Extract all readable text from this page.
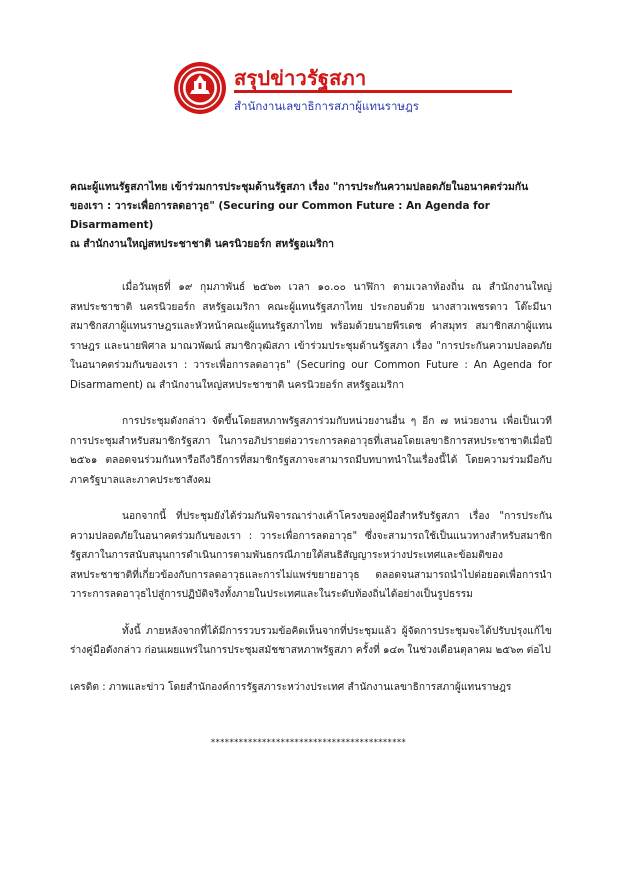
สรุปข่าวรัฐสภา
สำนักงานเลขาธิการสภาผู้แทนราษฎร
คณะผู้แทนรัฐสภาไทย เข้าร่วมการประชุมด้านรัฐสภา เรื่อง "การประกันความปลอดภัยในอนาคตร่วมกัน
ของเรา : วาระเพื่อการลดอาวุธ" (Securing our Common Future : An Agenda for Disarmament)
ณ สำนักงานใหญ่สหประชาชาติ นครนิวยอร์ก สหรัฐอเมริกา

เมื่อวันพุธที่ ๑๙ กุมภาพันธ์ ๒๕๖๓ เวลา ๑๐.๐๐ นาฬิกา ตามเวลาท้องถิ่น ณ สำนักงานใหญ่สหประชาชาติ นครนิวยอร์ก สหรัฐอเมริกา คณะผู้แทนรัฐสภาไทย ประกอบด้วย นางสาวเพชรดาว โต๊ะมีนา สมาชิกสภาผู้แทนราษฎรและหัวหน้าคณะผู้แทนรัฐสภาไทย พร้อมด้วยนายพีรเดช คำสมุทร สมาชิกสภาผู้แทนราษฎร และนายพิศาล มาณวพัฒน์ สมาชิกวุฒิสภา เข้าร่วมประชุมด้านรัฐสภา เรื่อง "การประกันความปลอดภัยในอนาคตร่วมกันของเรา : วาระเพื่อการลดอาวุธ" (Securing our Common Future : An Agenda for Disarmament) ณ สำนักงานใหญ่สหประชาชาติ นครนิวยอร์ก สหรัฐอเมริกา

การประชุมดังกล่าว จัดขึ้นโดยสหภาพรัฐสภาร่วมกับหน่วยงานอื่น ๆ อีก ๗ หน่วยงาน เพื่อเป็นเวทีการประชุมสำหรับสมาชิกรัฐสภา ในการอภิปรายต่อวาระการลดอาวุธที่เสนอโดยเลขาธิการสหประชาชาติเมื่อปี ๒๕๖๑ ตลอดจนร่วมกันหารือถึงวิธีการที่สมาชิกรัฐสภาจะสามารถมีบทบาทนำในเรื่องนี้ได้ โดยความร่วมมือกับภาครัฐบาลและภาคประชาสังคม

นอกจากนี้ ที่ประชุมยังได้ร่วมกันพิจารณาร่างเค้าโครงของคู่มือสำหรับรัฐสภา เรื่อง "การประกันความปลอดภัยในอนาคตร่วมกันของเรา : วาระเพื่อการลดอาวุธ" ซึ่งจะสามารถใช้เป็นแนวทางสำหรับสมาชิกรัฐสภาในการสนับสนุนการดำเนินการตามพันธกรณีภายใต้สนธิสัญญาระหว่างประเทศและข้อมติของสหประชาชาติที่เกี่ยวข้องกับการลดอาวุธและการไม่แพร่ขยายอาวุธ ตลอดจนสามารถนำไปต่อยอดเพื่อการนำวาระการลดอาวุธไปสู่การปฏิบัติจริงทั้งภายในประเทศและในระดับท้องถิ่นได้อย่างเป็นรูปธรรม

ทั้งนี้ ภายหลังจากที่ได้มีการรวบรวมข้อคิดเห็นจากที่ประชุมแล้ว ผู้จัดการประชุมจะได้ปรับปรุงแก้ไขร่างคู่มือดังกล่าว ก่อนเผยแพร่ในการประชุมสมัชชาสหภาพรัฐสภา ครั้งที่ ๑๔๓ ในช่วงเดือนตุลาคม ๒๕๖๓ ต่อไป

เครดิต : ภาพและข่าว โดยสำนักองค์การรัฐสภาระหว่างประเทศ สำนักงานเลขาธิการสภาผู้แทนราษฎร

******************************************
